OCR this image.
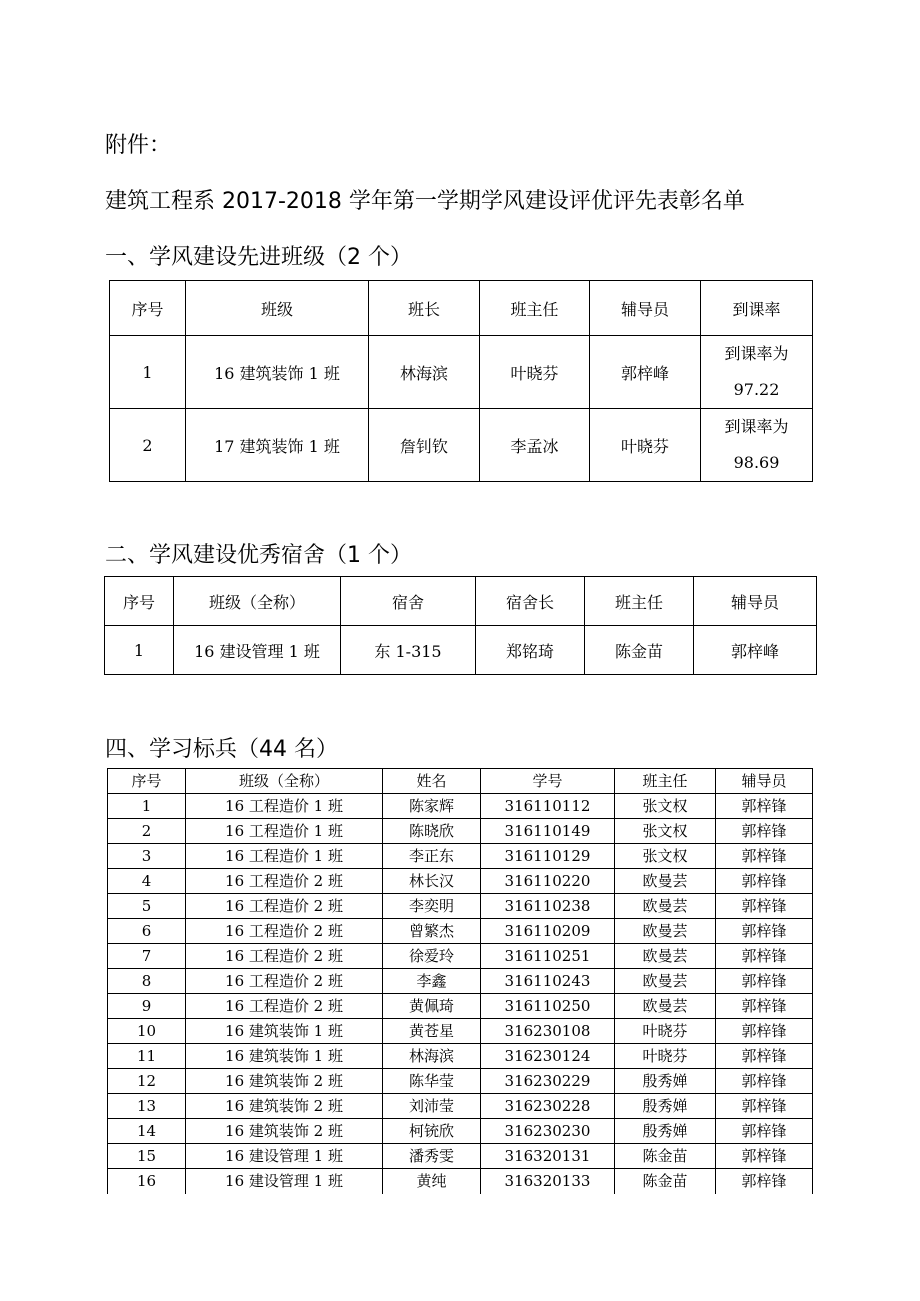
附件：
建筑工程系 2017-2018 学年第一学期学风建设评优评先表彰名单
一、学风建设先进班级（2 个）
序号	班级	班长	班主任	辅导员	到课率
1	16 建筑装饰 1 班	林海滨	叶晓芬	郭梓峰	到课率为
97.22
2	17 建筑装饰 1 班	詹钊钦	李孟冰	叶晓芬	到课率为
98.69
二、学风建设优秀宿舍（1 个）
序号	班级（全称）	宿舍	宿舍长	班主任	辅导员
1	16 建设管理 1 班	东 1-315	郑铭琦	陈金苗	郭梓峰
四、学习标兵（44 名）
序号	班级（全称）	姓名	学号	班主任	辅导员
1	16 工程造价 1 班	陈家辉	316110112	张文权	郭梓锋
2	16 工程造价 1 班	陈晓欣	316110149	张文权	郭梓锋
3	16 工程造价 1 班	李正东	316110129	张文权	郭梓锋
4	16 工程造价 2 班	林长汉	316110220	欧曼芸	郭梓锋
5	16 工程造价 2 班	李奕明	316110238	欧曼芸	郭梓锋
6	16 工程造价 2 班	曾繁杰	316110209	欧曼芸	郭梓锋
7	16 工程造价 2 班	徐爱玲	316110251	欧曼芸	郭梓锋
8	16 工程造价 2 班	李鑫	316110243	欧曼芸	郭梓锋
9	16 工程造价 2 班	黄佩琦	316110250	欧曼芸	郭梓锋
10	16 建筑装饰 1 班	黄苍星	316230108	叶晓芬	郭梓锋
11	16 建筑装饰 1 班	林海滨	316230124	叶晓芬	郭梓锋
12	16 建筑装饰 2 班	陈华莹	316230229	殷秀婵	郭梓锋
13	16 建筑装饰 2 班	刘沛莹	316230228	殷秀婵	郭梓锋
14	16 建筑装饰 2 班	柯铳欣	316230230	殷秀婵	郭梓锋
15	16 建设管理 1 班	潘秀雯	316320131	陈金苗	郭梓锋
16	16 建设管理 1 班	黄纯	316320133	陈金苗	郭梓锋
